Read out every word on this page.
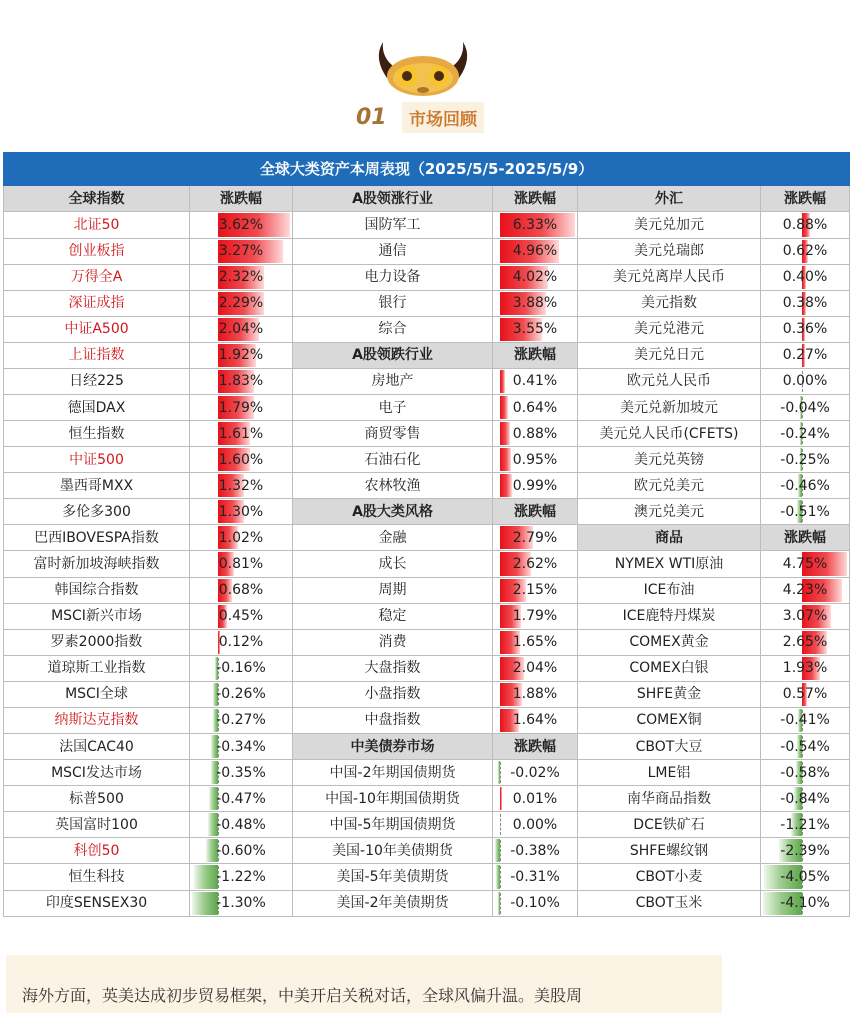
01	市场回顾
全球大类资产本周表现（2025/5/5-2025/5/9）					
全球指数	涨跌幅	A股领涨行业	涨跌幅	外汇	涨跌幅
北证50	3.62%	国防军工	6.33%	美元兑加元	0.88%
创业板指	3.27%	通信	4.96%	美元兑瑞郎	0.62%
万得全A	2.32%	电力设备	4.02%	美元兑离岸人民币	0.40%
深证成指	2.29%	银行	3.88%	美元指数	0.38%
中证A500	2.04%	综合	3.55%	美元兑港元	0.36%
上证指数	1.92%	A股领跌行业	涨跌幅	美元兑日元	0.27%
日经225	1.83%	房地产	0.41%	欧元兑人民币	0.00%
德国DAX	1.79%	电子	0.64%	美元兑新加坡元	-0.04%
恒生指数	1.61%	商贸零售	0.88%	美元兑人民币(CFETS)	-0.24%
中证500	1.60%	石油石化	0.95%	美元兑英镑	-0.25%
墨西哥MXX	1.32%	农林牧渔	0.99%	欧元兑美元	-0.46%
多伦多300	1.30%	A股大类风格	涨跌幅	澳元兑美元	-0.51%
巴西IBOVESPA指数	1.02%	金融	2.79%	商品	涨跌幅
富时新加坡海峡指数	0.81%	成长	2.62%	NYMEX WTI原油	4.75%
韩国综合指数	0.68%	周期	2.15%	ICE布油	4.23%
MSCI新兴市场	0.45%	稳定	1.79%	ICE鹿特丹煤炭	3.07%
罗素2000指数	0.12%	消费	1.65%	COMEX黄金	2.65%
道琼斯工业指数	-0.16%	大盘指数	2.04%	COMEX白银	1.93%
MSCI全球	-0.26%	小盘指数	1.88%	SHFE黄金	0.57%
纳斯达克指数	-0.27%	中盘指数	1.64%	COMEX铜	-0.41%
法国CAC40	-0.34%	中美债券市场	涨跌幅	CBOT大豆	-0.54%
MSCI发达市场	-0.35%	中国-2年期国债期货	-0.02%	LME铝	-0.58%
标普500	-0.47%	中国-10年期国债期货	0.01%	南华商品指数	-0.84%
英国富时100	-0.48%	中国-5年期国债期货	0.00%	DCE铁矿石	-1.21%
科创50	-0.60%	美国-10年美债期货	-0.38%	SHFE螺纹钢	-2.39%
恒生科技	-1.22%	美国-5年美债期货	-0.31%	CBOT小麦	-4.05%
印度SENSEX30	-1.30%	美国-2年美债期货	-0.10%	CBOT玉米	-4.10%
海外方面，英美达成初步贸易框架，中美开启关税对话，全球风偏升温。美股周
